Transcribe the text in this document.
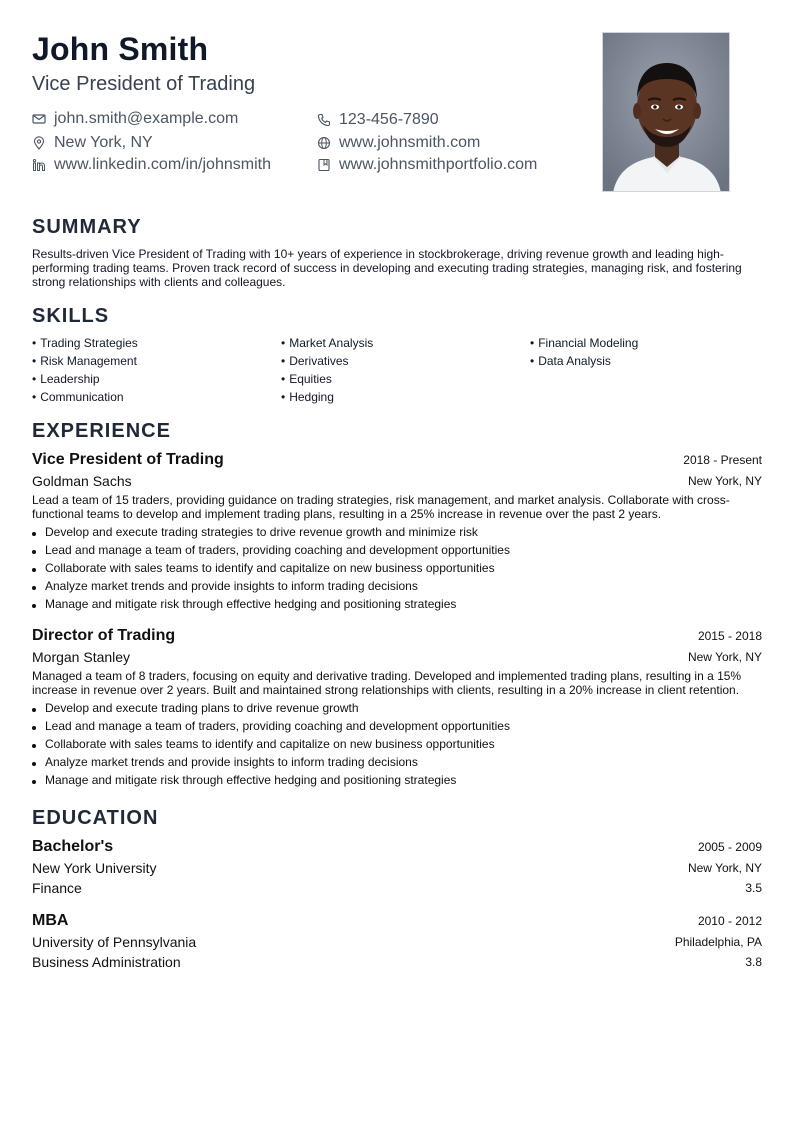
John Smith
Vice President of Trading
john.smith@example.com	123-456-7890
New York, NY	www.johnsmith.com
www.linkedin.com/in/johnsmith	www.johnsmithportfolio.com
SUMMARY
Results-driven Vice President of Trading with 10+ years of experience in stockbrokerage, driving revenue growth and leading high-performing trading teams. Proven track record of success in developing and executing trading strategies, managing risk, and fostering strong relationships with clients and colleagues.
SKILLS
• Trading Strategies
• Risk Management
• Leadership
• Communication
• Market Analysis
• Derivatives
• Equities
• Hedging
• Financial Modeling
• Data Analysis
EXPERIENCE
Vice President of Trading	2018 - Present
Goldman Sachs	New York, NY
Lead a team of 15 traders, providing guidance on trading strategies, risk management, and market analysis. Collaborate with cross-functional teams to develop and implement trading plans, resulting in a 25% increase in revenue over the past 2 years.
Develop and execute trading strategies to drive revenue growth and minimize risk
Lead and manage a team of traders, providing coaching and development opportunities
Collaborate with sales teams to identify and capitalize on new business opportunities
Analyze market trends and provide insights to inform trading decisions
Manage and mitigate risk through effective hedging and positioning strategies
Director of Trading	2015 - 2018
Morgan Stanley	New York, NY
Managed a team of 8 traders, focusing on equity and derivative trading. Developed and implemented trading plans, resulting in a 15% increase in revenue over 2 years. Built and maintained strong relationships with clients, resulting in a 20% increase in client retention.
Develop and execute trading plans to drive revenue growth
Lead and manage a team of traders, providing coaching and development opportunities
Collaborate with sales teams to identify and capitalize on new business opportunities
Analyze market trends and provide insights to inform trading decisions
Manage and mitigate risk through effective hedging and positioning strategies
EDUCATION
Bachelor's	2005 - 2009
New York University	New York, NY
Finance	3.5
MBA	2010 - 2012
University of Pennsylvania	Philadelphia, PA
Business Administration	3.8
